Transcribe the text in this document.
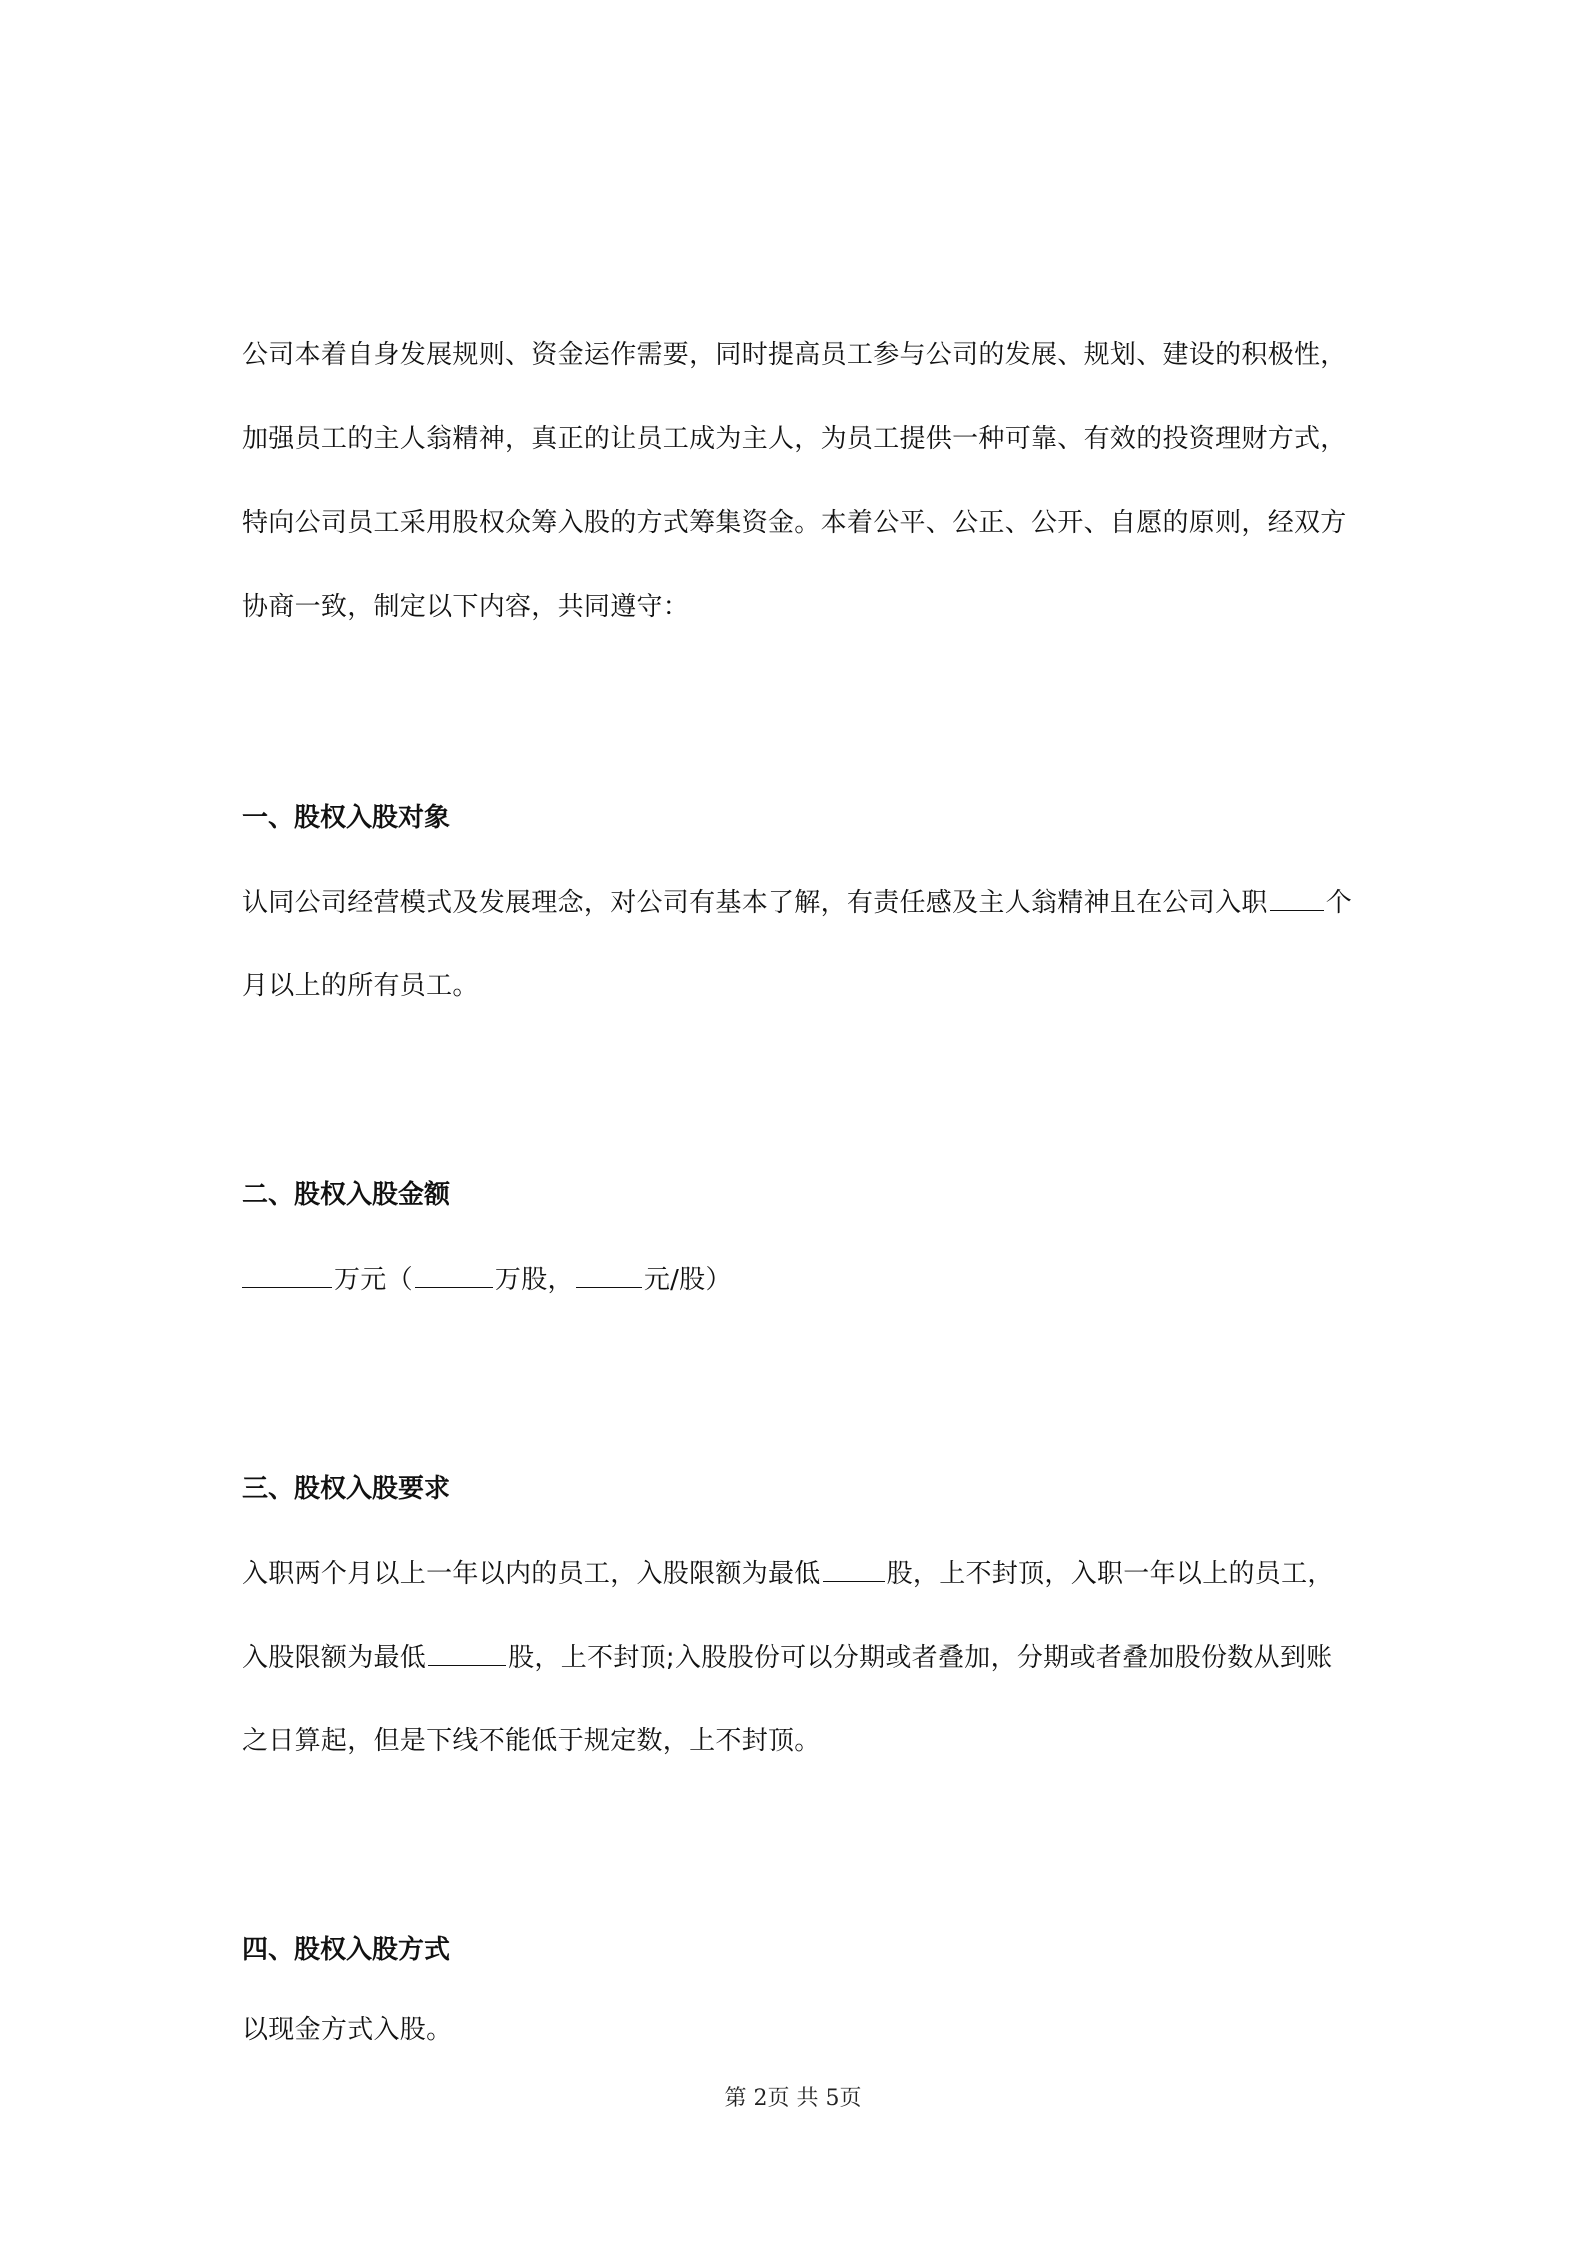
公司本着自身发展规则、资金运作需要，同时提高员工参与公司的发展、规划、建设的积极性，
加强员工的主人翁精神，真正的让员工成为主人，为员工提供一种可靠、有效的投资理财方式，
特向公司员工采用股权众筹入股的方式筹集资金。本着公平、公正、公开、自愿的原则，经双方
协商一致，制定以下内容，共同遵守：
一、股权入股对象
认同公司经营模式及发展理念，对公司有基本了解，有责任感及主人翁精神且在公司入职 个
月以上的所有员工。
二、股权入股金额
万元（	万股，	元/股）
三、股权入股要求
入职两个月以上一年以内的员工，入股限额为最低	股，上不封顶，入职一年以上的员工，
入股限额为最低	股，上不封顶;入股股份可以分期或者叠加，分期或者叠加股份数从到账
之日算起，但是下线不能低于规定数，上不封顶。
四、股权入股方式
以现金方式入股。
第 2页 共 5页
